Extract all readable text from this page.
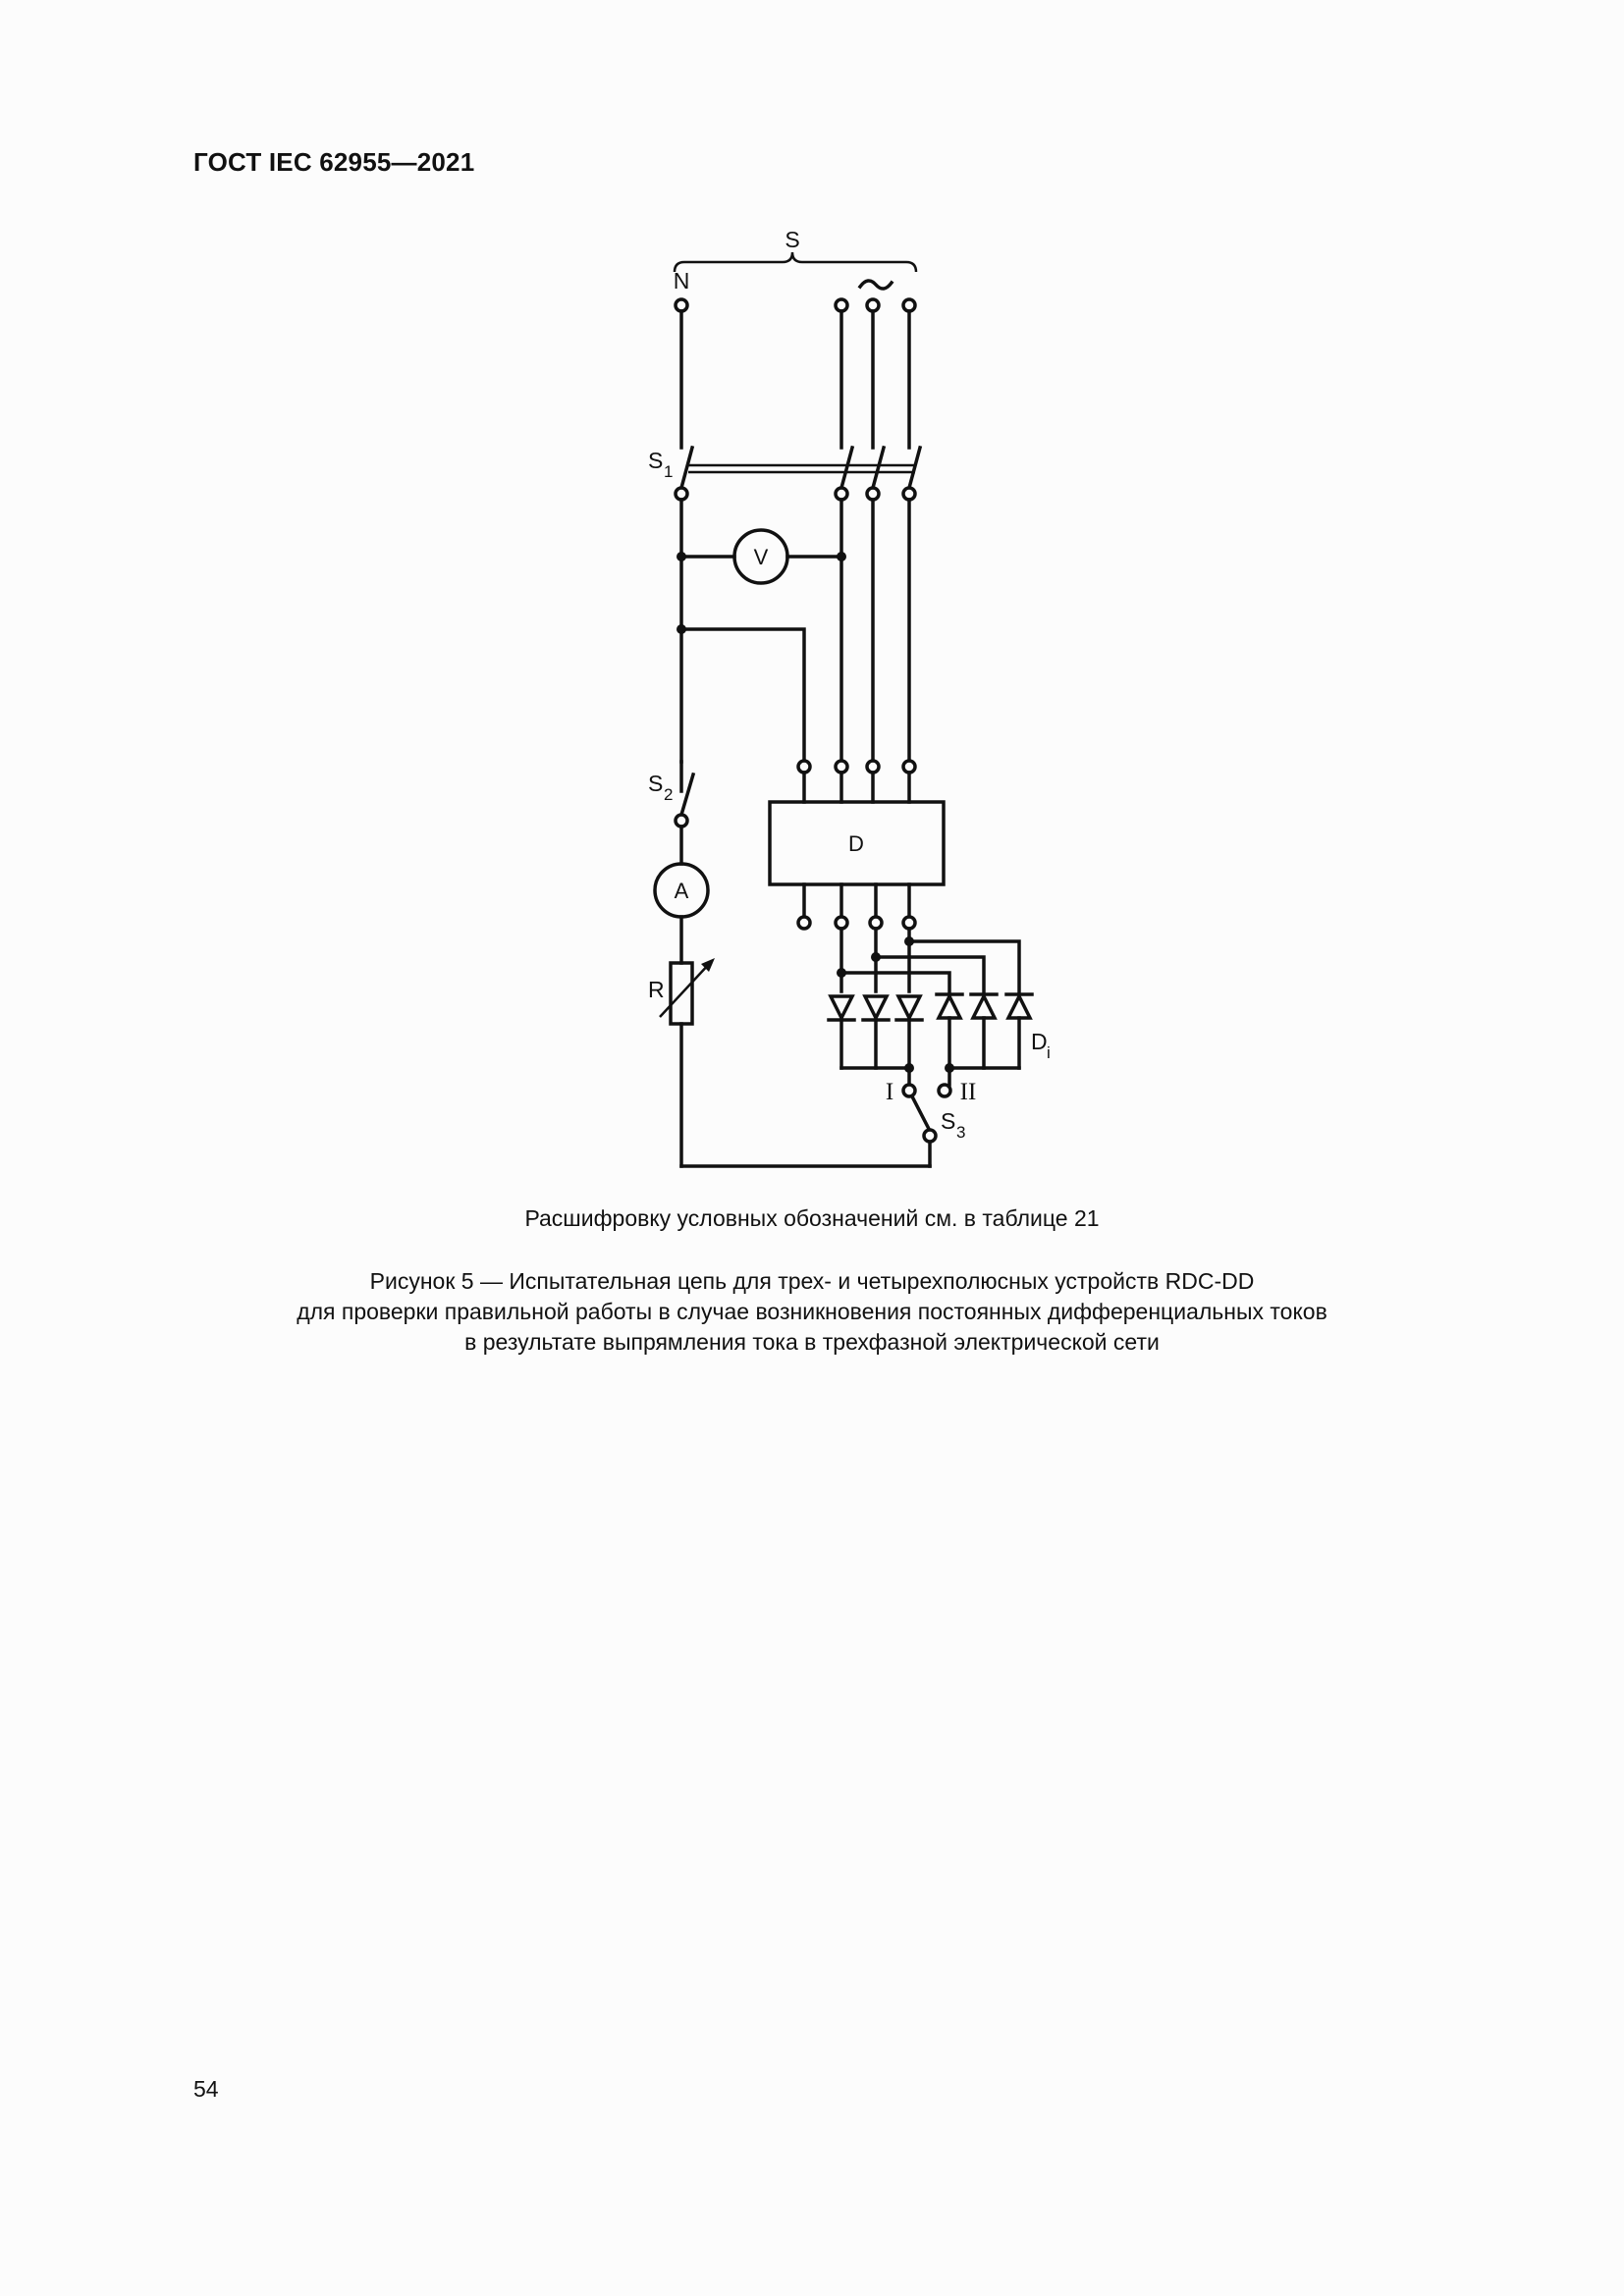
ГОСТ IEC 62955—2021
S
N
S 1
V
D
S 2
A
R
D i
I	II
S 3
Расшифровку условных обозначений см. в таблице 21
Рисунок 5 — Испытательная цепь для трех- и четырехполюсных устройств RDC-DD
для проверки правильной работы в случае возникновения постоянных дифференциальных токов
в результате выпрямления тока в трехфазной электрической сети
54
